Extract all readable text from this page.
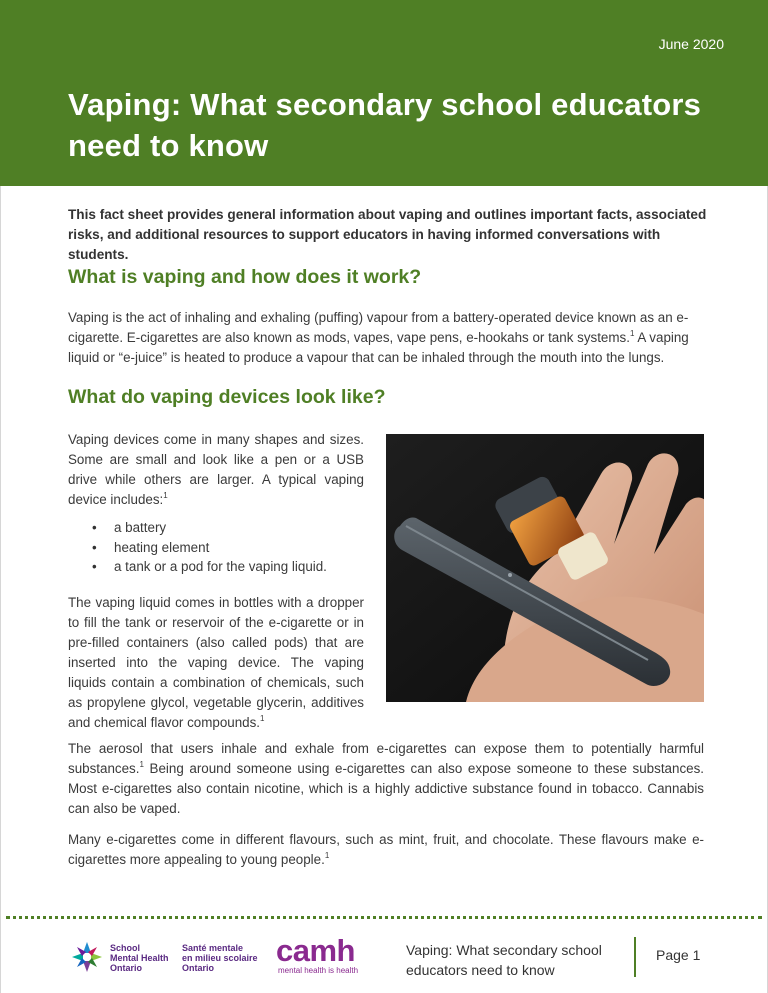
June 2020
Vaping: What secondary school educators need to know

This fact sheet provides general information about vaping and outlines important facts, associated risks, and additional resources to support educators in having informed conversations with students.

What is vaping and how does it work?

Vaping is the act of inhaling and exhaling (puffing) vapour from a battery-operated device known as an e-cigarette. E-cigarettes are also known as mods, vapes, vape pens, e-hookahs or tank systems.$^1$ A vaping liquid or “e-juice” is heated to produce a vapour that can be inhaled through the mouth into the lungs.

What do vaping devices look like?

Vaping devices come in many shapes and sizes. Some are small and look like a pen or a USB drive while others are larger. A typical vaping device includes:$^1$

• a battery
• heating element
• a tank or a pod for the vaping liquid.

The vaping liquid comes in bottles with a dropper to fill the tank or reservoir of the e-cigarette or in pre-filled containers (also called pods) that are inserted into the vaping device. The vaping liquids contain a combination of chemicals, such as propylene glycol, vegetable glycerin, additives and chemical flavor compounds.$^1$

The aerosol that users inhale and exhale from e-cigarettes can expose them to potentially harmful substances.$^1$ Being around someone using e-cigarettes can also expose someone to these substances. Most e-cigarettes also contain nicotine, which is a highly addictive substance found in tobacco. Cannabis can also be vaped.

Many e-cigarettes come in different flavours, such as mint, fruit, and chocolate. These flavours make e-cigarettes more appealing to young people.$^1$

School
Mental Health
Ontario
Santé mentale
en milieu scolaire
Ontario	camh
mental health is health
Vaping: What secondary school educators need to know
Page 1
